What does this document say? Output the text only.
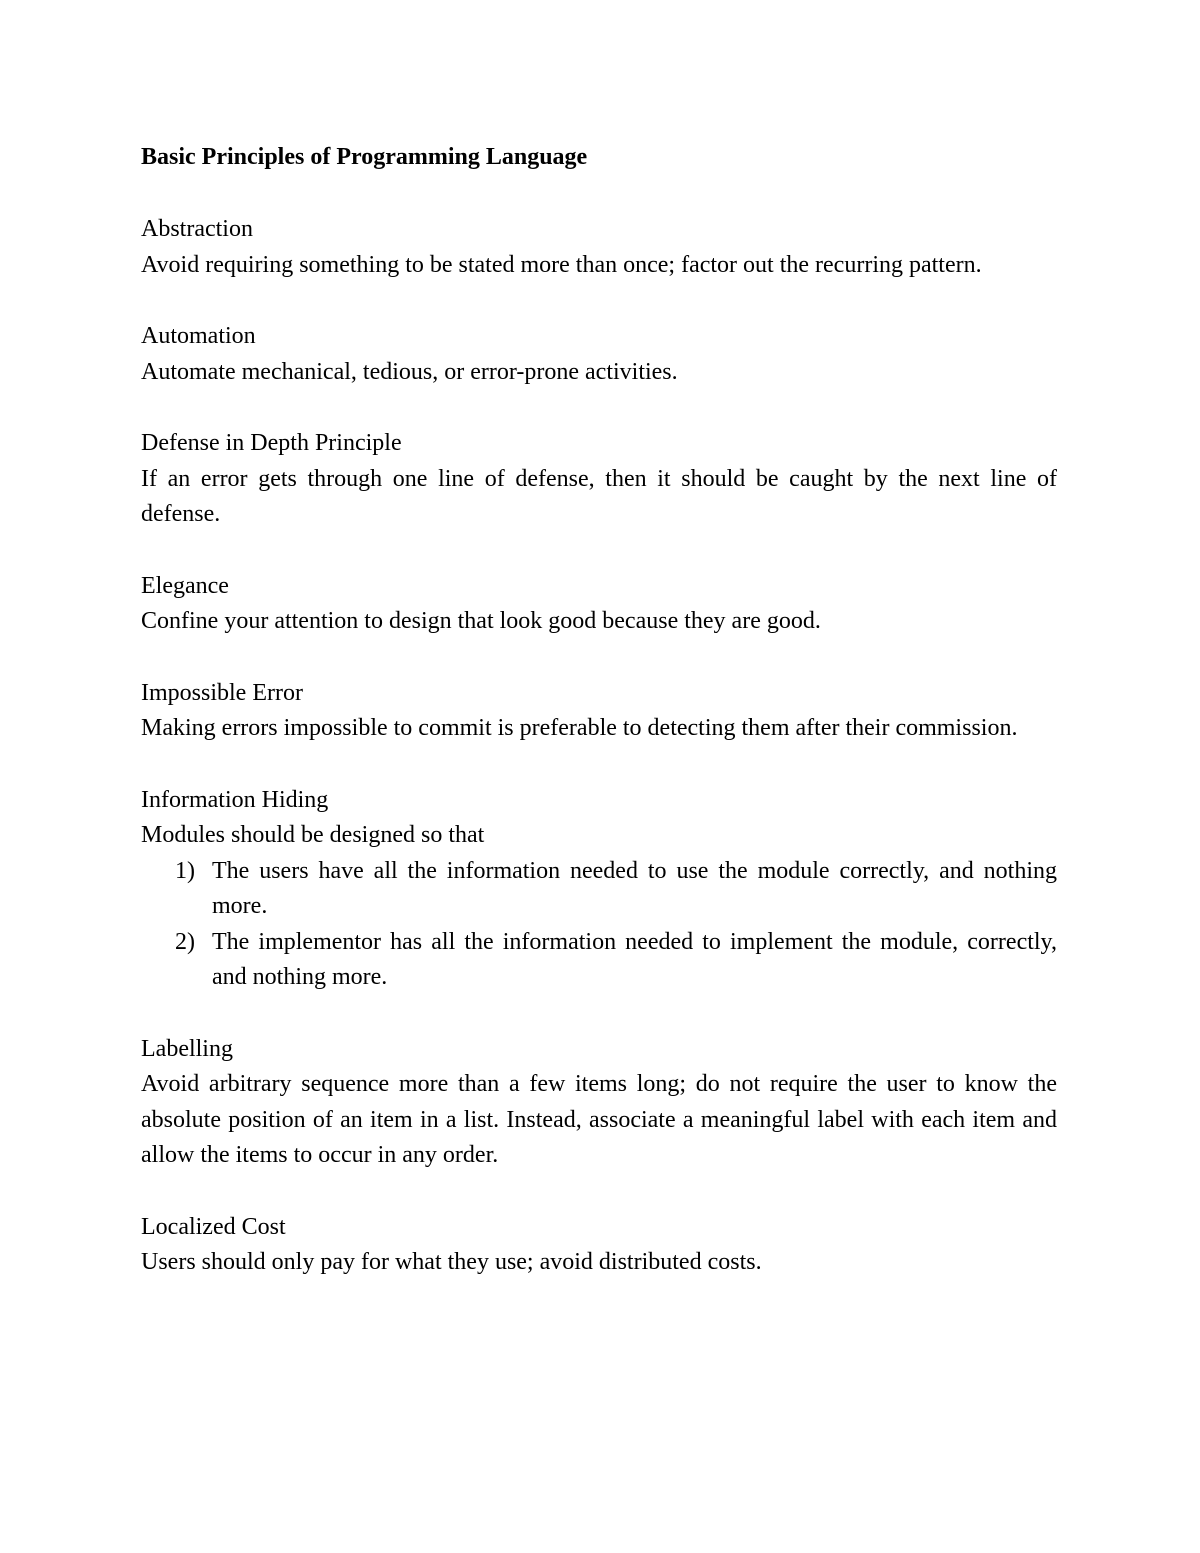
Basic Principles of Programming Language

Abstraction

Avoid requiring something to be stated more than once; factor out the recurring pattern.

Automation

Automate mechanical, tedious, or error-prone activities.

Defense in Depth Principle

If an error gets through one line of defense, then it should be caught by the next line of defense.

Elegance

Confine your attention to design that look good because they are good.

Impossible Error

Making errors impossible to commit is preferable to detecting them after their commission.

Information Hiding

Modules should be designed so that

1) The users have all the information needed to use the module correctly, and nothing more.
2) The implementor has all the information needed to implement the module, correctly, and nothing more.

Labelling

Avoid arbitrary sequence more than a few items long; do not require the user to know the absolute position of an item in a list. Instead, associate a meaningful label with each item and allow the items to occur in any order.

Localized Cost

Users should only pay for what they use; avoid distributed costs.
